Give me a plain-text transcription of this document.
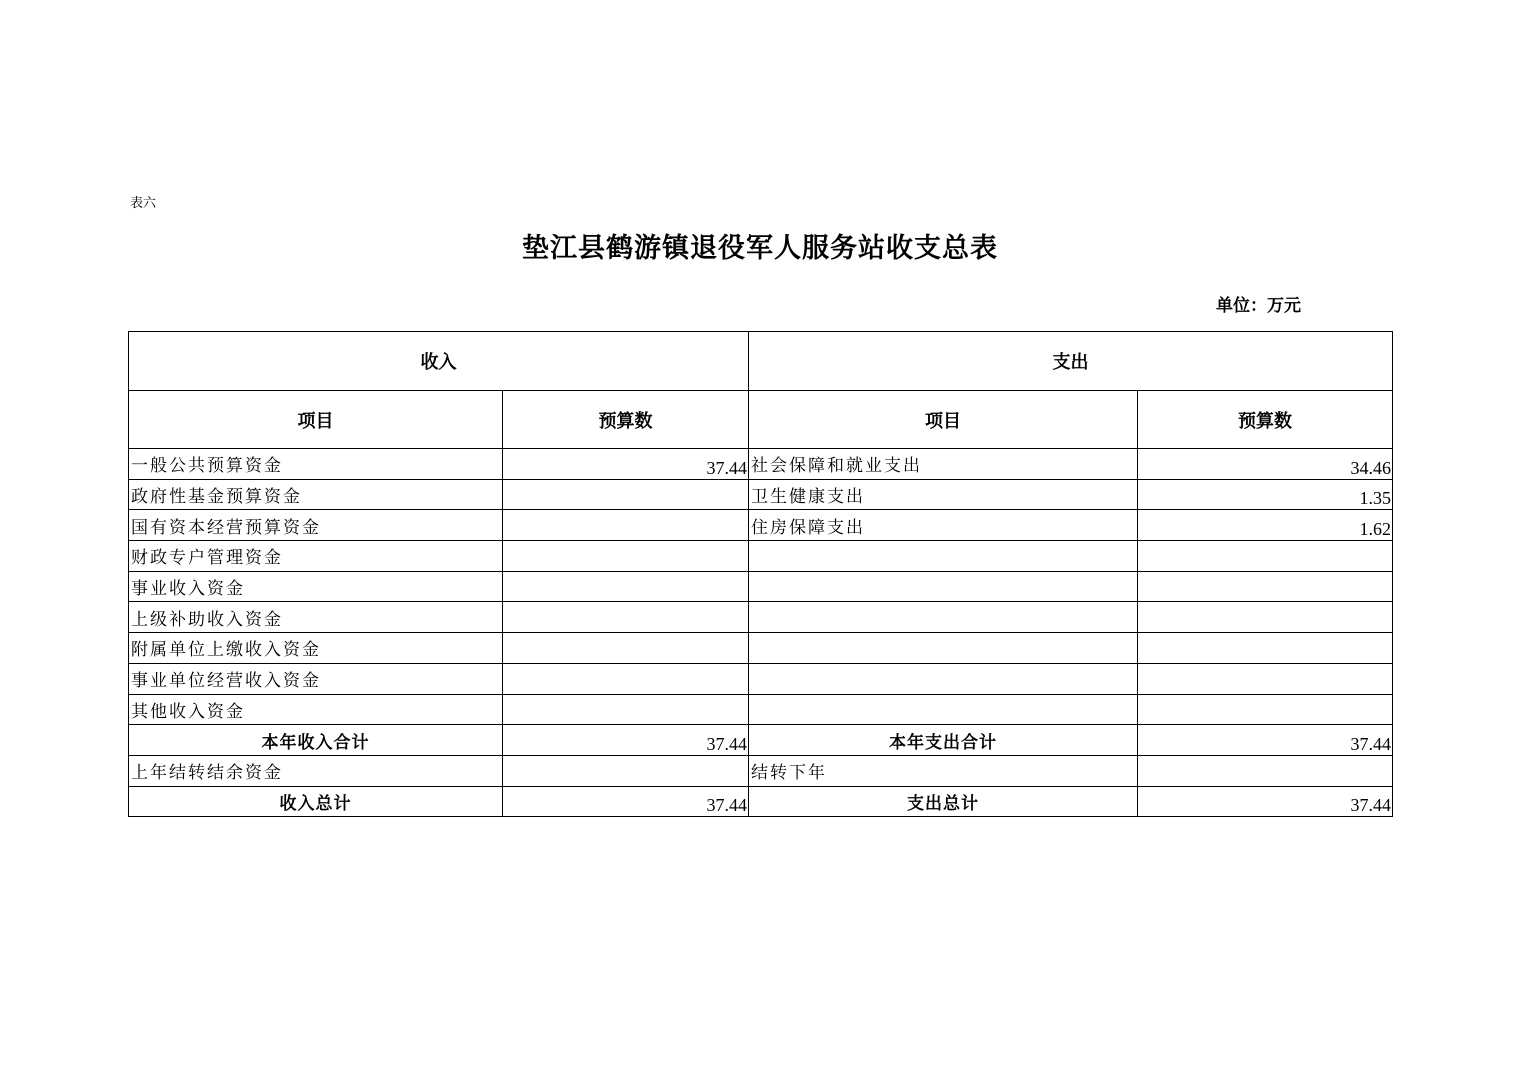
表六
垫江县鹤游镇退役军人服务站收支总表
单位：万元
收入		支出	
项目	预算数	项目	预算数
一般公共预算资金	37.44	社会保障和就业支出	34.46
政府性基金预算资金		卫生健康支出	1.35
国有资本经营预算资金		住房保障支出	1.62
财政专户管理资金			
事业收入资金			
上级补助收入资金			
附属单位上缴收入资金			
事业单位经营收入资金			
其他收入资金			
本年收入合计	37.44	本年支出合计	37.44
上年结转结余资金		结转下年	
收入总计	37.44	支出总计	37.44
